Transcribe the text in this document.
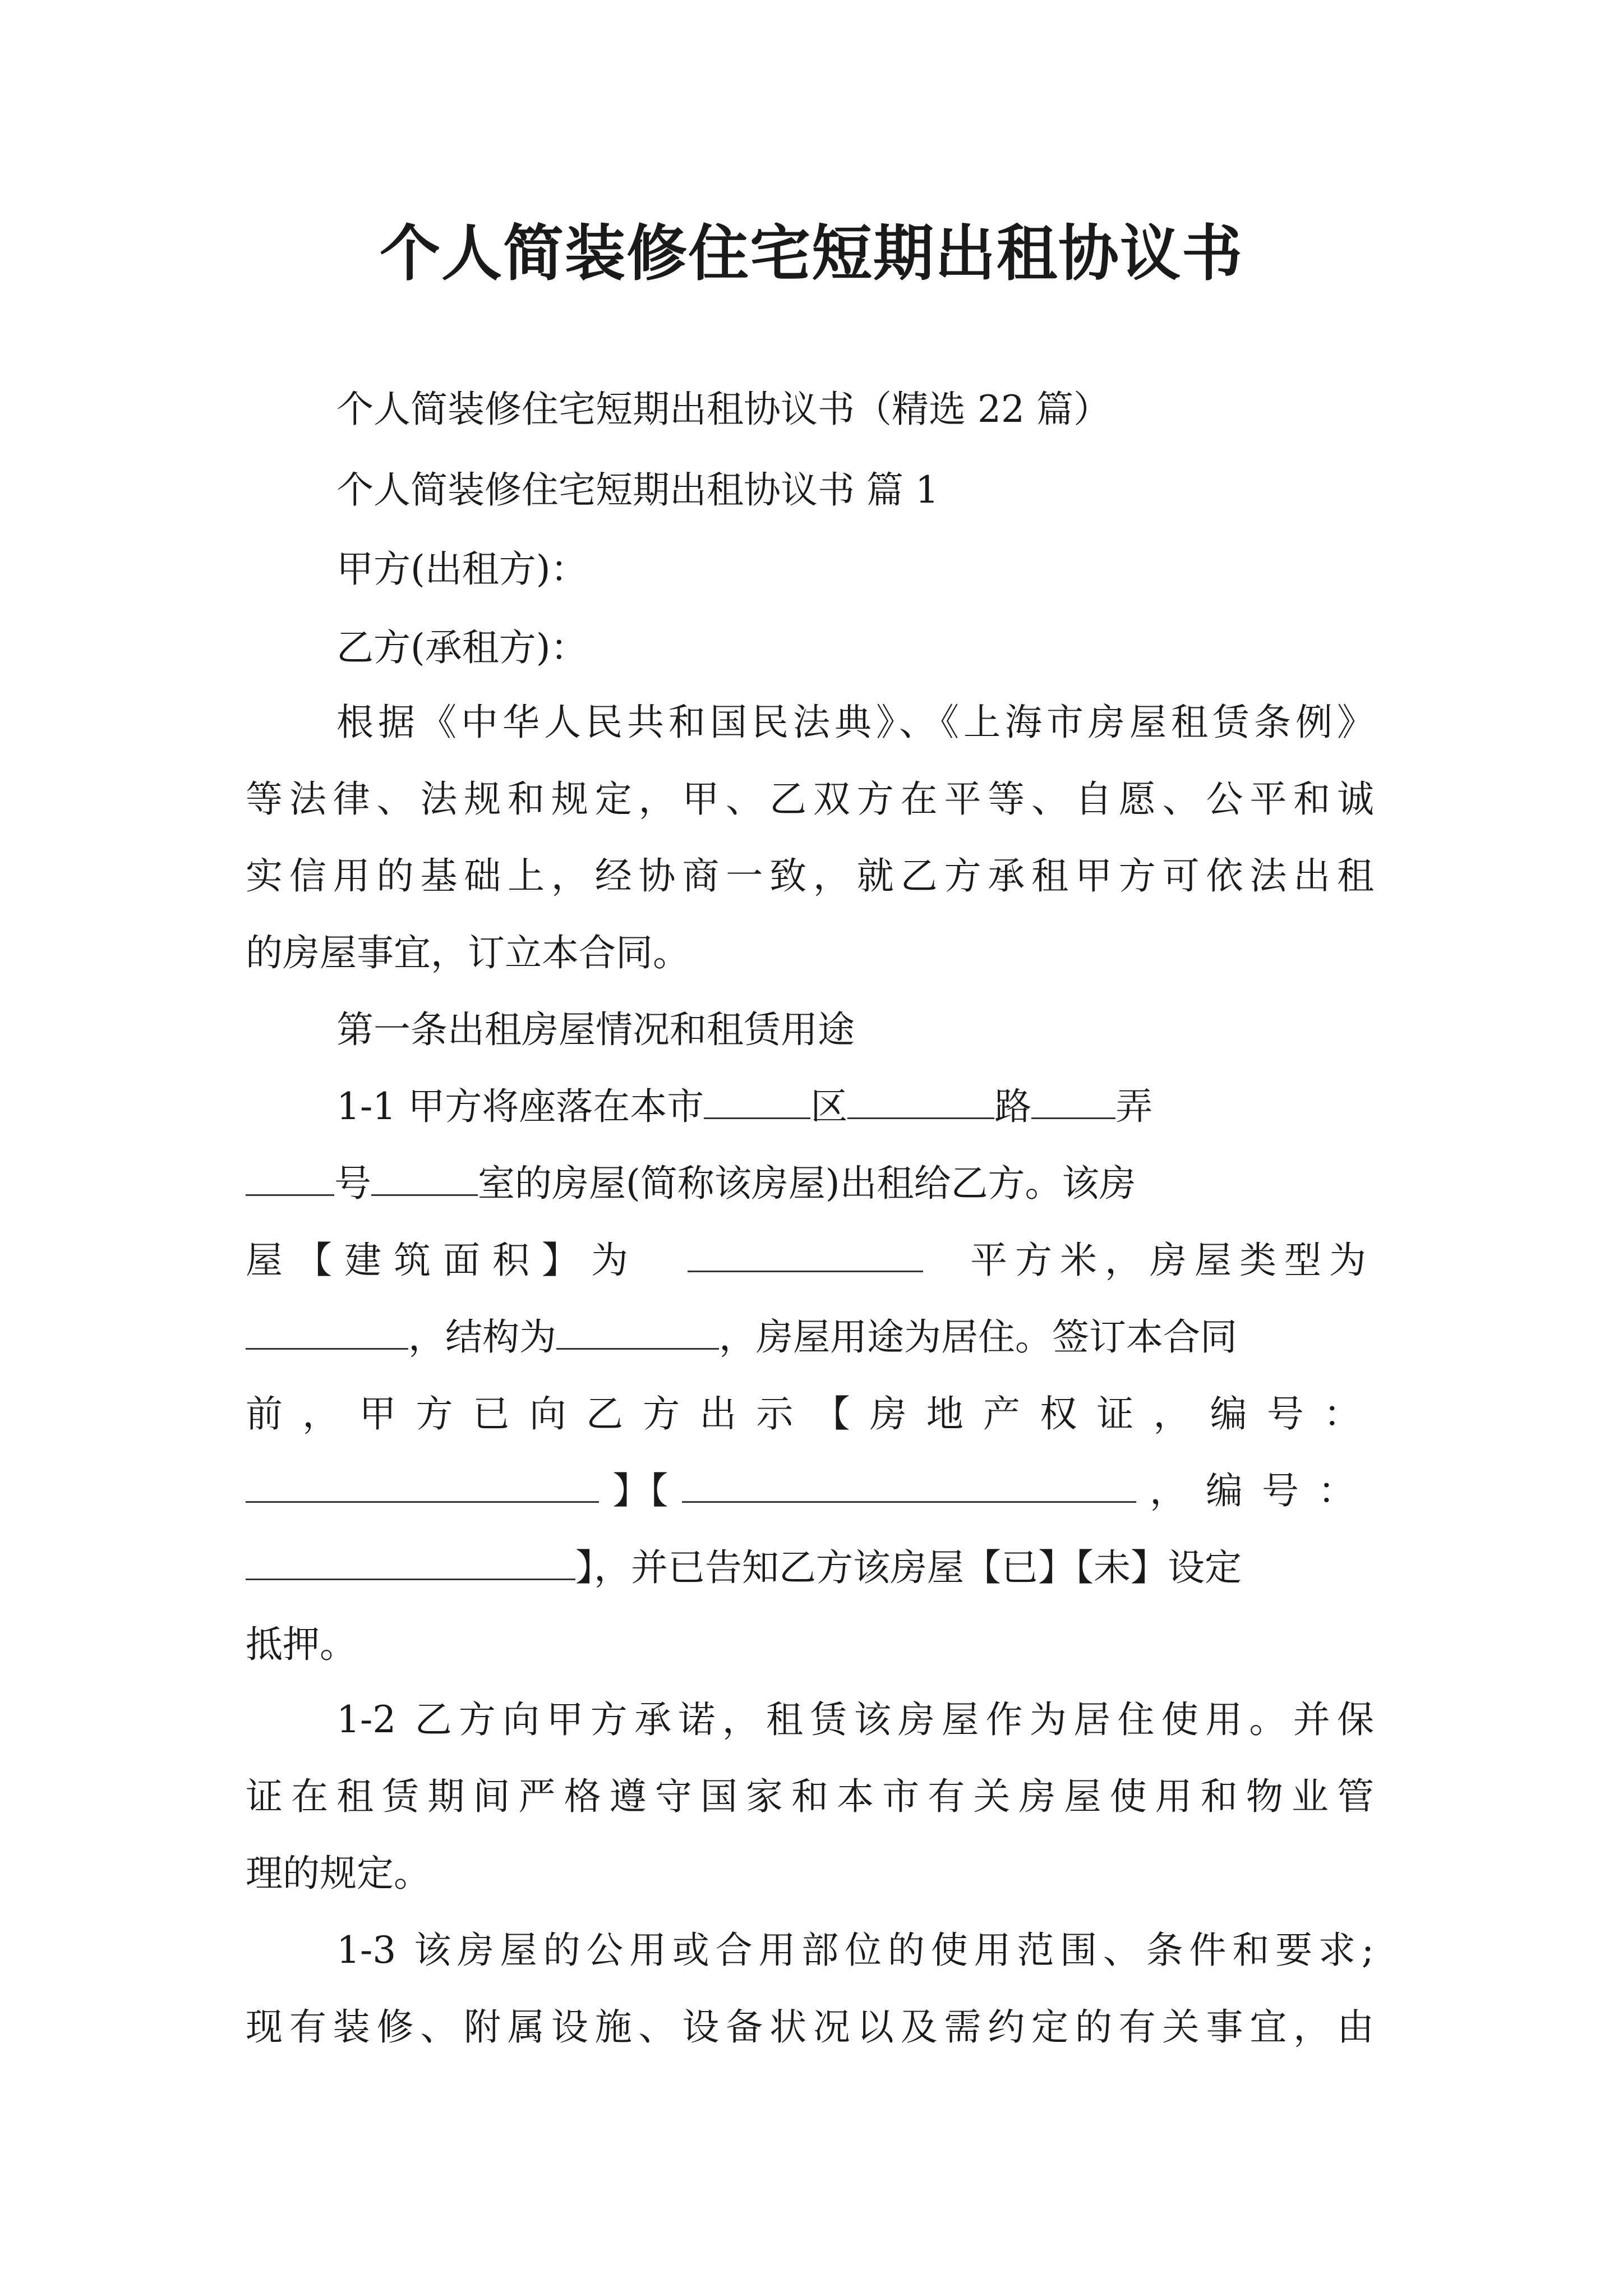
个人简装修住宅短期出租协议书
个人简装修住宅短期出租协议书（精选 22 篇）
个人简装修住宅短期出租协议书 篇 1
甲方(出租方)：
乙方(承租方)：
根据《中华人民共和国民法典》、《上海市房屋租赁条例》
等法律、法规和规定，甲、乙双方在平等、自愿、公平和诚
实信用的基础上，经协商一致，就乙方承租甲方可依法出租
的房屋事宜，订立本合同。
第一条出租房屋情况和租赁用途
1-1 甲方将座落在本市	区	路 弄
号	室的房屋(简称该房屋)出租给乙方。该房
屋【建筑面积】为	平方米，房屋类型为
，结构为	，房屋用途为居住。签订本合同
前，甲方已向乙方出示【房地产权证，编号：
】【	，编号：
】，并已告知乙方该房屋【已】【未】设定
抵押。
1-2 乙方向甲方承诺，租赁该房屋作为居住使用。并保
证在租赁期间严格遵守国家和本市有关房屋使用和物业管
理的规定。
1-3 该房屋的公用或合用部位的使用范围、条件和要求;
现有装修、附属设施、设备状况以及需约定的有关事宜，由
